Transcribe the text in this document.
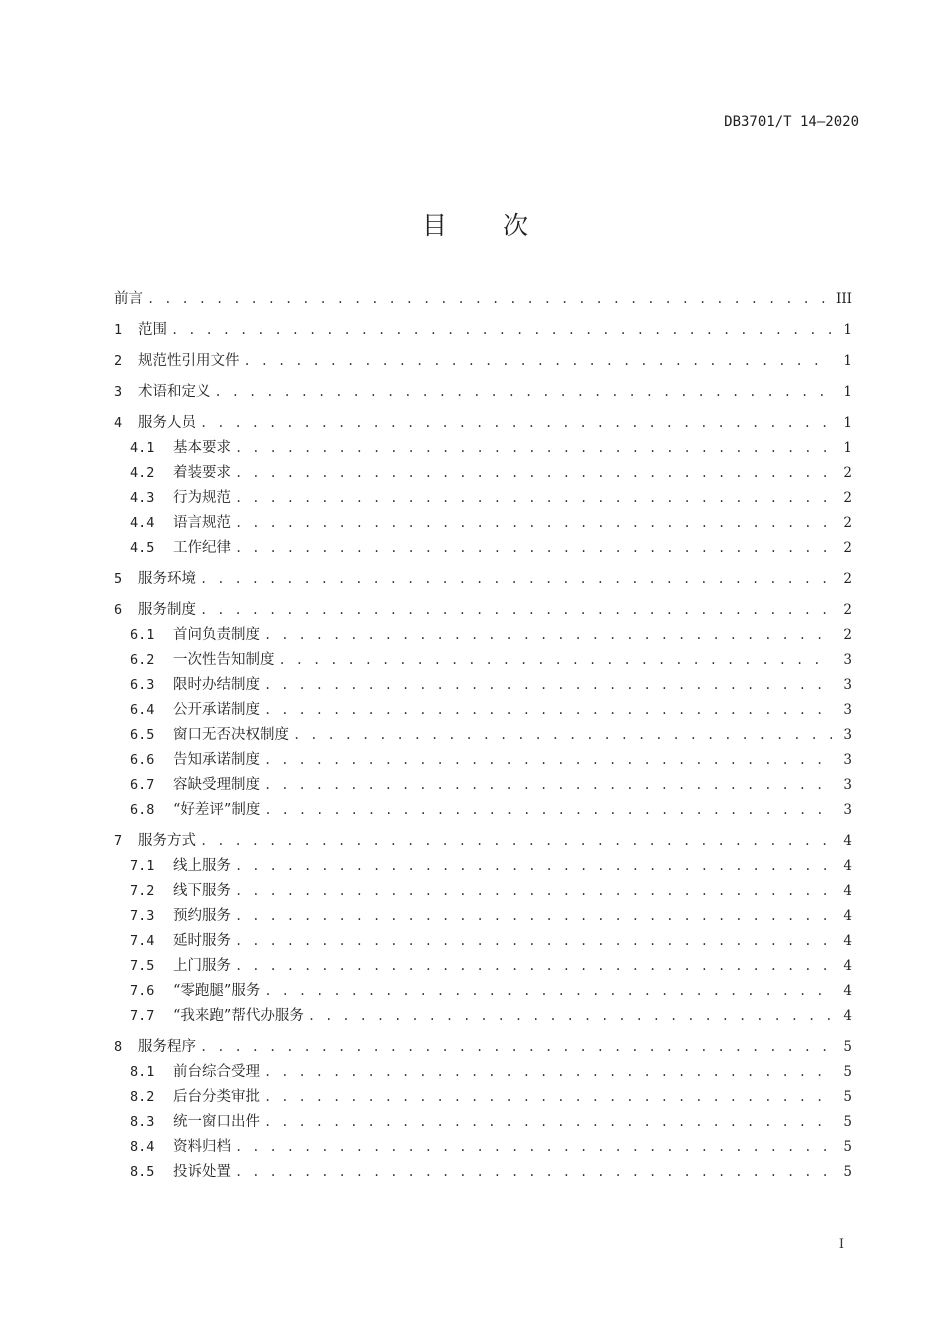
DB3701/T 14—2020
目 次
前言 . . .	III
1	范围 . . .	1
2	规范性引用文件 . . .	1
3	术语和定义 . . .	1
4	服务人员 . . .	1
4.1	基本要求 . . .	1
4.2	着装要求 . . .	2
4.3	行为规范 . . .	2
4.4	语言规范 . . .	2
4.5	工作纪律 . . .	2
5	服务环境 . . .	2
6	服务制度 . . .	2
6.1	首问负责制度 . . .	2
6.2	一次性告知制度 . . .	3
6.3	限时办结制度 . . .	3
6.4	公开承诺制度 . . .	3
6.5	窗口无否决权制度 . . .	3
6.6	告知承诺制度 . . .	3
6.7	容缺受理制度 . . .	3
6.8	“好差评”制度 . . .	3
7	服务方式 . . .	4
7.1	线上服务 . . .	4
7.2	线下服务 . . .	4
7.3	预约服务 . . .	4
7.4	延时服务 . . .	4
7.5	上门服务 . . .	4
7.6	“零跑腿”服务 . . .	4
7.7	“我来跑”帮代办服务 . . .	4
8	服务程序 . . .	5
8.1	前台综合受理 . . .	5
8.2	后台分类审批 . . .	5
8.3	统一窗口出件 . . .	5
8.4	资料归档 . . .	5
8.5	投诉处置 . . .	5
I
